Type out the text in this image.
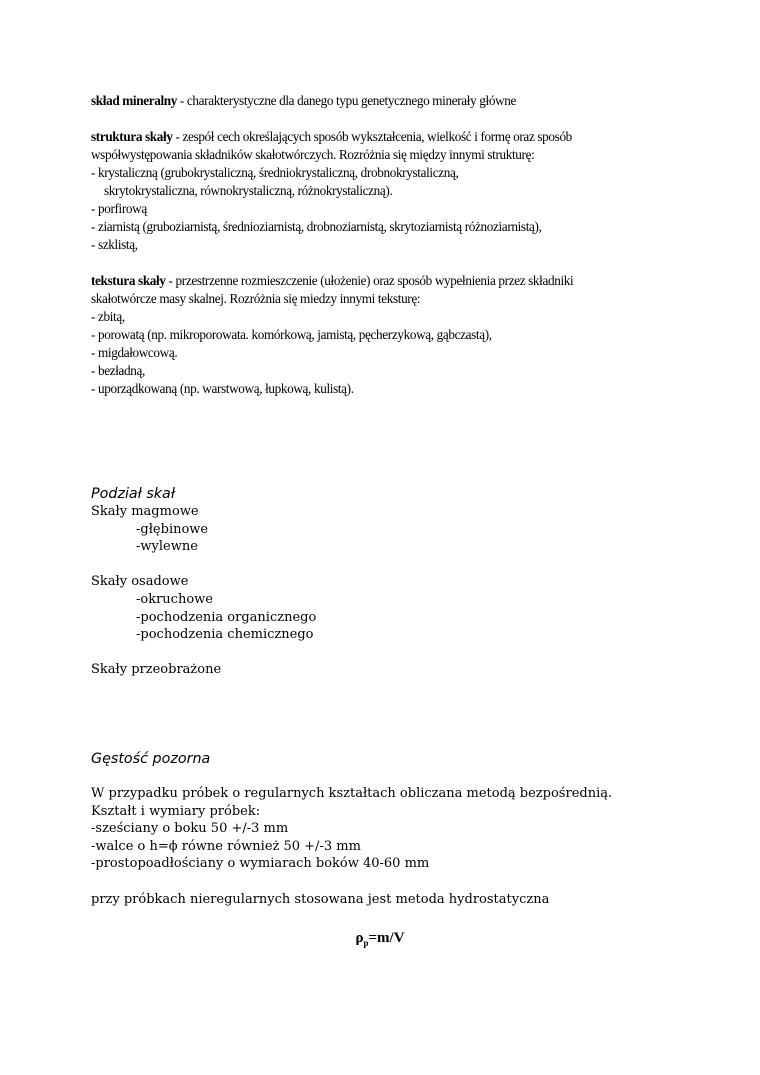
skład mineralny - charakterystyczne dla danego typu genetycznego minerały główne

struktura skały - zespół cech określających sposób wykształcenia, wielkość i formę oraz sposób

współwystępowania składników skałotwórczych. Rozróżnia się między innymi strukturę:

- krystaliczną (grubokrystaliczną, średniokrystaliczną, drobnokrystaliczną,

skrytokrystaliczna, równokrystaliczną, różnokrystaliczną).

- porfirową

- ziarnistą (gruboziarnistą, średnioziarnistą, drobnoziarnistą, skrytoziarnistą różnoziarnistą),

- szklistą,

tekstura skały - przestrzenne rozmieszczenie (ułożenie) oraz sposób wypełnienia przez składniki

skałotwórcze masy skalnej. Rozróżnia się miedzy innymi teksturę:

- zbitą,

- porowatą (np. mikroporowata. komórkową, jamistą, pęcherzykową, gąbczastą),

- migdałowcową.

- bezładną,

- uporządkowaną (np. warstwową, łupkową, kulistą).

Podział skał

Skały magmowe

-głębinowe

-wylewne

Skały osadowe

-okruchowe

-pochodzenia organicznego

-pochodzenia chemicznego

Skały przeobrażone

Gęstość pozorna

W przypadku próbek o regularnych kształtach obliczana metodą bezpośrednią.

Kształt i wymiary próbek:

-sześciany o boku 50 +/-3 mm

-walce o h=ϕ równe również 50 +/-3 mm

-prostopoadłościany o wymiarach boków 40-60 mm

przy próbkach nieregularnych stosowana jest metoda hydrostatyczna

$\rho_p=m/V$
